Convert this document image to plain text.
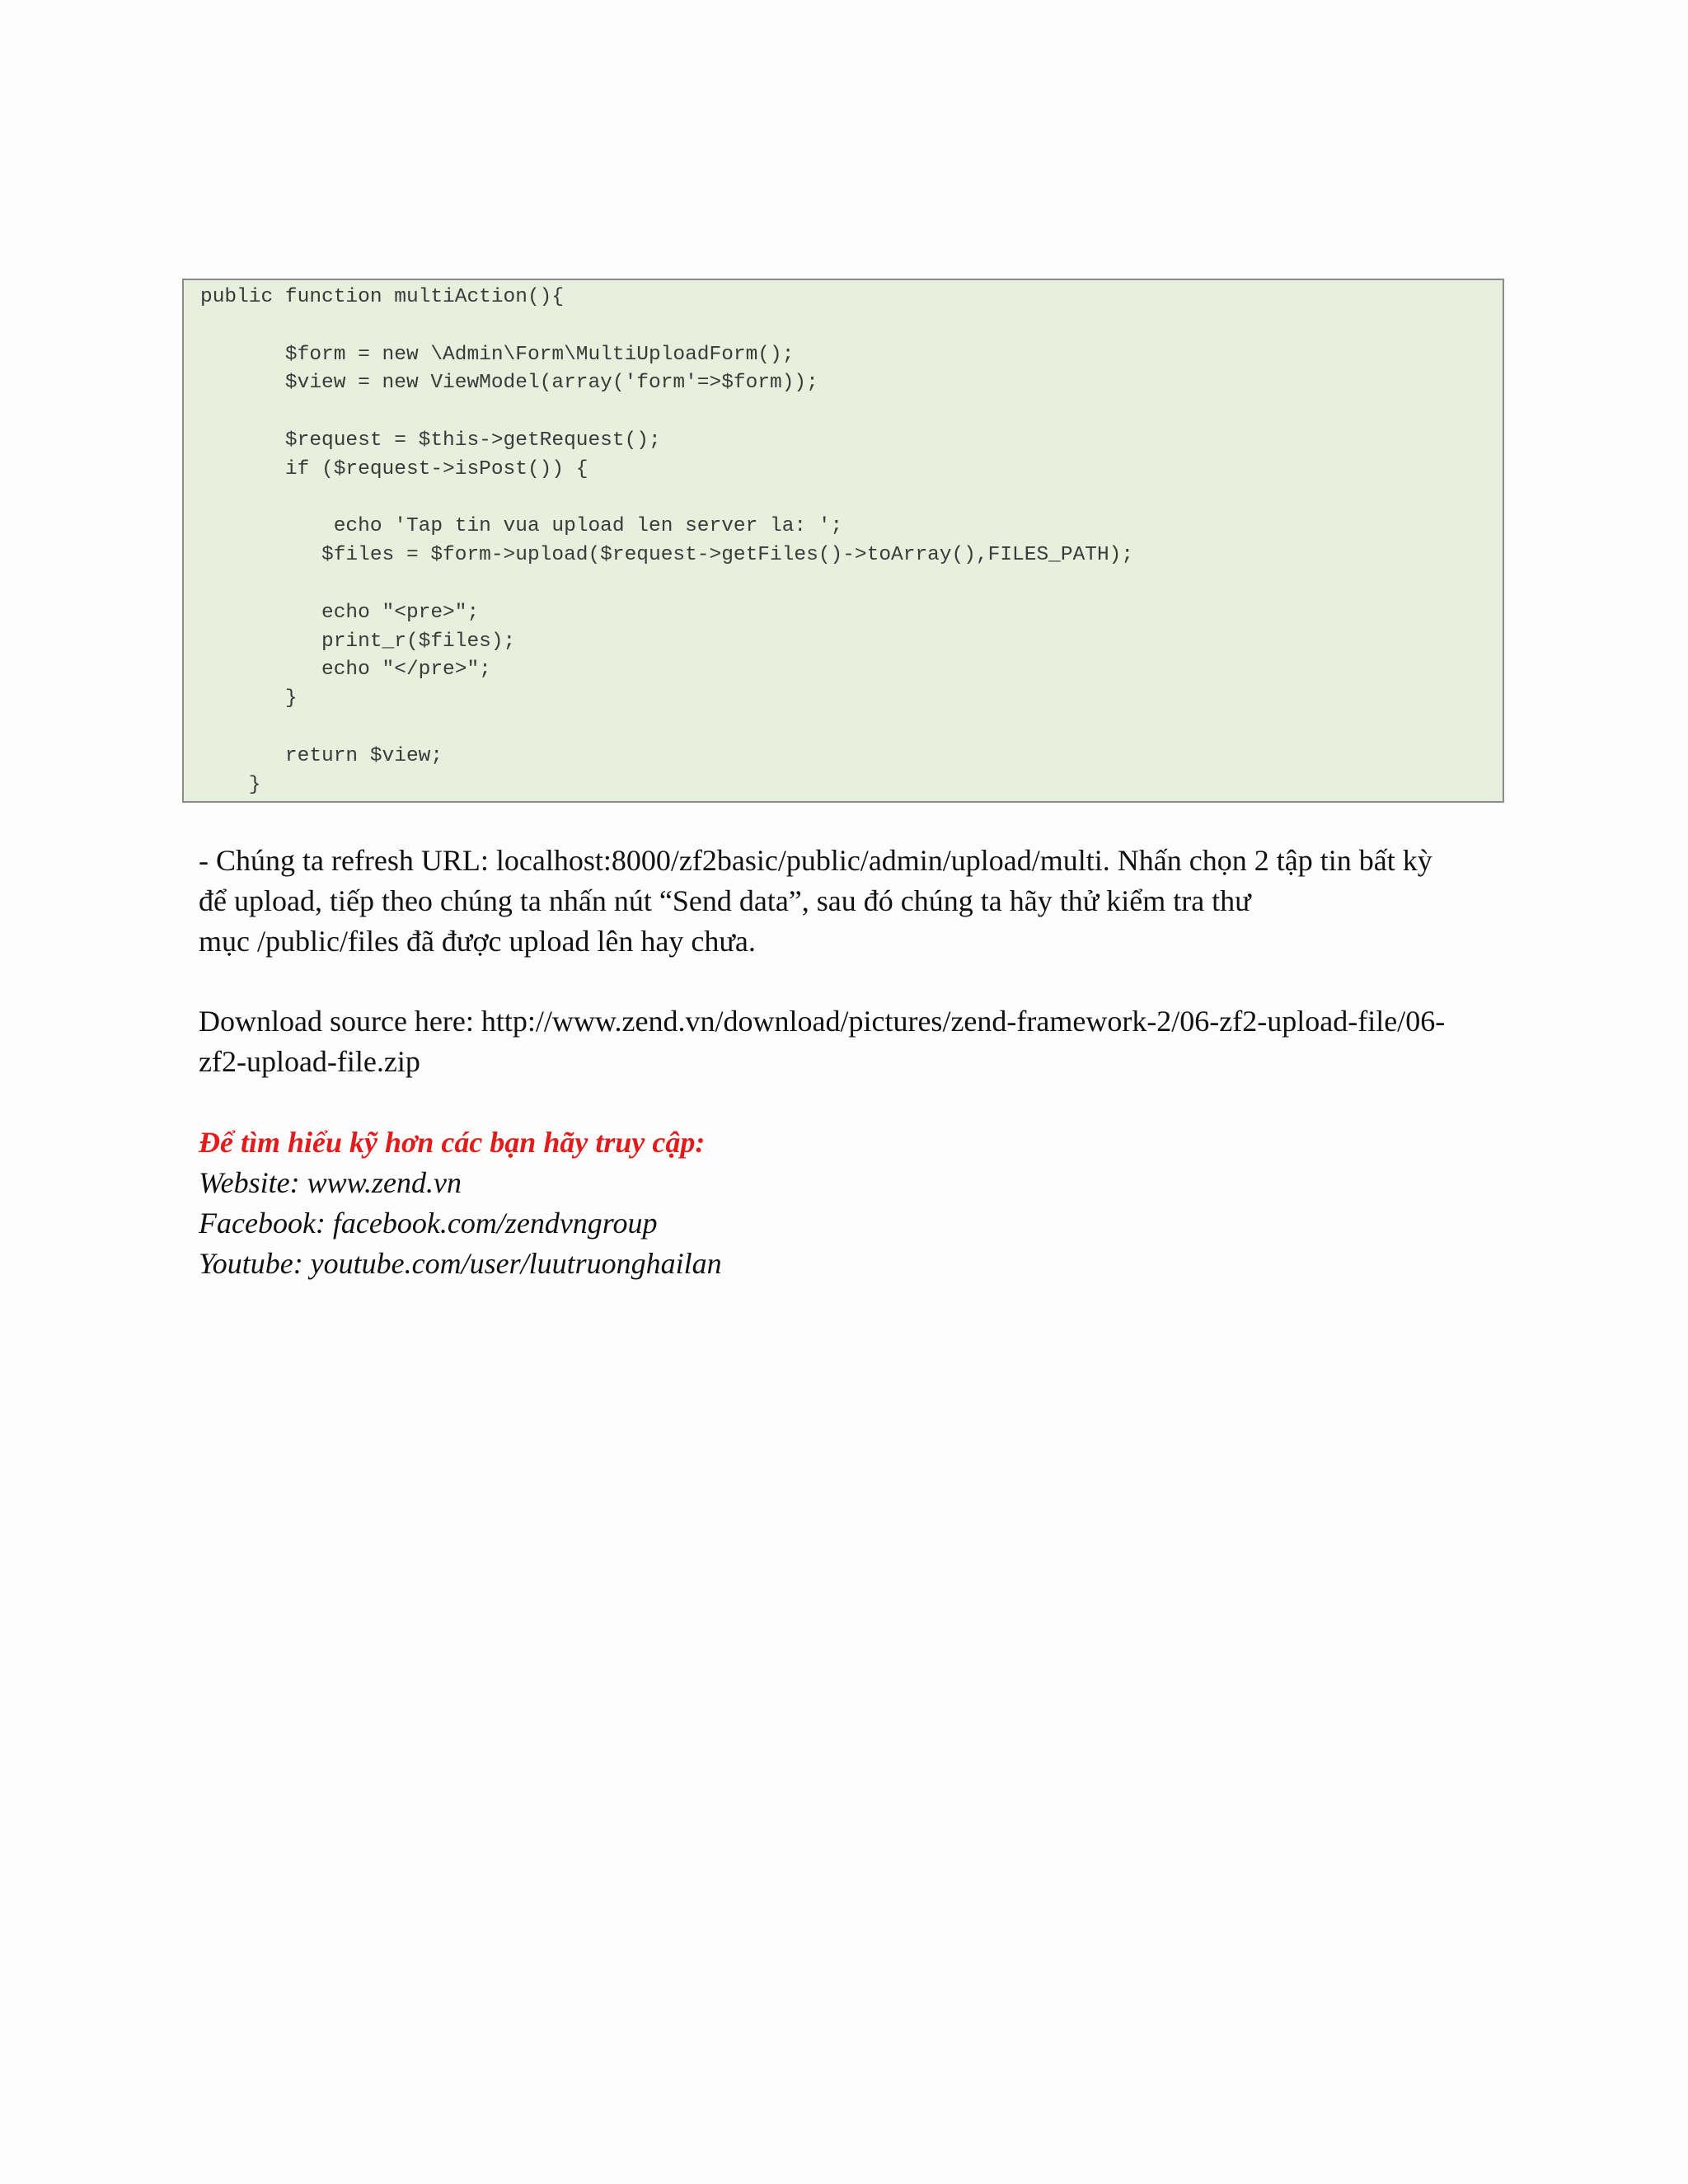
public function multiAction(){
$form = new \Admin\Form\MultiUploadForm();
$view = new ViewModel(array('form'=>$form));
$request = $this->getRequest();
if ($request->isPost()) {
echo 'Tap tin vua upload len server la: ';
$files = $form->upload($request->getFiles()->toArray(),FILES_PATH);
echo "<pre>";
print_r($files);
echo "</pre>";
}
return $view;
}

- Chúng ta refresh URL: localhost:8000/zf2basic/public/admin/upload/multi. Nhấn chọn 2 tập tin bất kỳ
để upload, tiếp theo chúng ta nhấn nút “Send data”, sau đó chúng ta hãy thử kiểm tra thư
mục /public/files đã được upload lên hay chưa.

Download source here: http://www.zend.vn/download/pictures/zend-framework-2/06-zf2-upload-file/06-
zf2-upload-file.zip

Để tìm hiểu kỹ hơn các bạn hãy truy cập:
Website: www.zend.vn
Facebook: facebook.com/zendvngroup
Youtube: youtube.com/user/luutruonghailan
